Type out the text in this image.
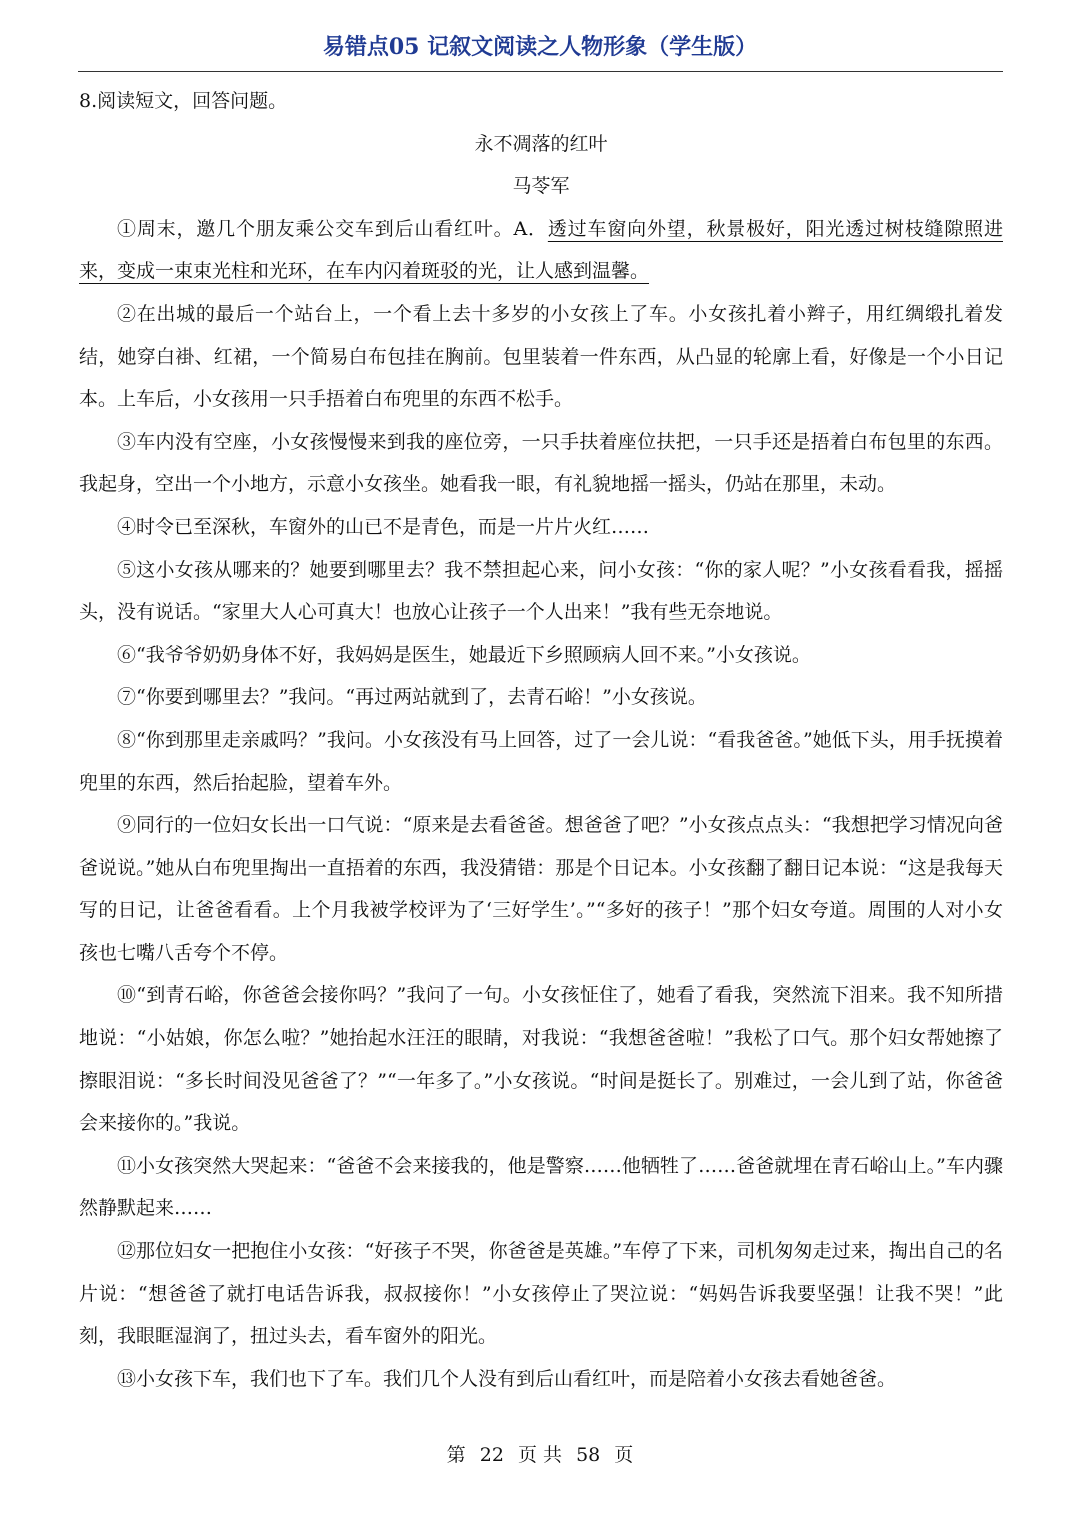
易错点05 记叙文阅读之人物形象（学生版）

8.阅读短文，回答问题。

永不凋落的红叶

马苓军

①周末，邀几个朋友乘公交车到后山看红叶。A．透过车窗向外望，秋景极好，阳光透过树枝缝隙照进来，变成一束束光柱和光环，在车内闪着斑驳的光，让人感到温馨。

②在出城的最后一个站台上，一个看上去十多岁的小女孩上了车。小女孩扎着小辫子，用红绸缎扎着发结，她穿白褂、红裙，一个简易白布包挂在胸前。包里装着一件东西，从凸显的轮廓上看，好像是一个小日记本。上车后，小女孩用一只手捂着白布兜里的东西不松手。

③车内没有空座，小女孩慢慢来到我的座位旁，一只手扶着座位扶把，一只手还是捂着白布包里的东西。我起身，空出一个小地方，示意小女孩坐。她看我一眼，有礼貌地摇一摇头，仍站在那里，未动。

④时令已至深秋，车窗外的山已不是青色，而是一片片火红……

⑤这小女孩从哪来的？她要到哪里去？我不禁担起心来，问小女孩：“你的家人呢？”小女孩看看我，摇摇头，没有说话。“家里大人心可真大！也放心让孩子一个人出来！”我有些无奈地说。

⑥“我爷爷奶奶身体不好，我妈妈是医生，她最近下乡照顾病人回不来。”小女孩说。

⑦“你要到哪里去？”我问。“再过两站就到了，去青石峪！”小女孩说。

⑧“你到那里走亲戚吗？”我问。小女孩没有马上回答，过了一会儿说：“看我爸爸。”她低下头，用手抚摸着兜里的东西，然后抬起脸，望着车外。

⑨同行的一位妇女长出一口气说：“原来是去看爸爸。想爸爸了吧？”小女孩点点头：“我想把学习情况向爸爸说说。”她从白布兜里掏出一直捂着的东西，我没猜错：那是个日记本。小女孩翻了翻日记本说：“这是我每天写的日记，让爸爸看看。上个月我被学校评为了‘三好学生’。”“多好的孩子！”那个妇女夸道。周围的人对小女孩也七嘴八舌夸个不停。

⑩“到青石峪，你爸爸会接你吗？”我问了一句。小女孩怔住了，她看了看我，突然流下泪来。我不知所措地说：“小姑娘，你怎么啦？”她抬起水汪汪的眼睛，对我说：“我想爸爸啦！”我松了口气。那个妇女帮她擦了擦眼泪说：“多长时间没见爸爸了？”“一年多了。”小女孩说。“时间是挺长了。别难过，一会儿到了站，你爸爸会来接你的。”我说。

⑪小女孩突然大哭起来：“爸爸不会来接我的，他是警察……他牺牲了……爸爸就埋在青石峪山上。”车内骤然静默起来……

⑫那位妇女一把抱住小女孩：“好孩子不哭，你爸爸是英雄。”车停了下来，司机匆匆走过来，掏出自己的名片说：“想爸爸了就打电话告诉我，叔叔接你！”小女孩停止了哭泣说：“妈妈告诉我要坚强！让我不哭！”此刻，我眼眶湿润了，扭过头去，看车窗外的阳光。

⑬小女孩下车，我们也下了车。我们几个人没有到后山看红叶，而是陪着小女孩去看她爸爸。

第 22 页 共 58 页
